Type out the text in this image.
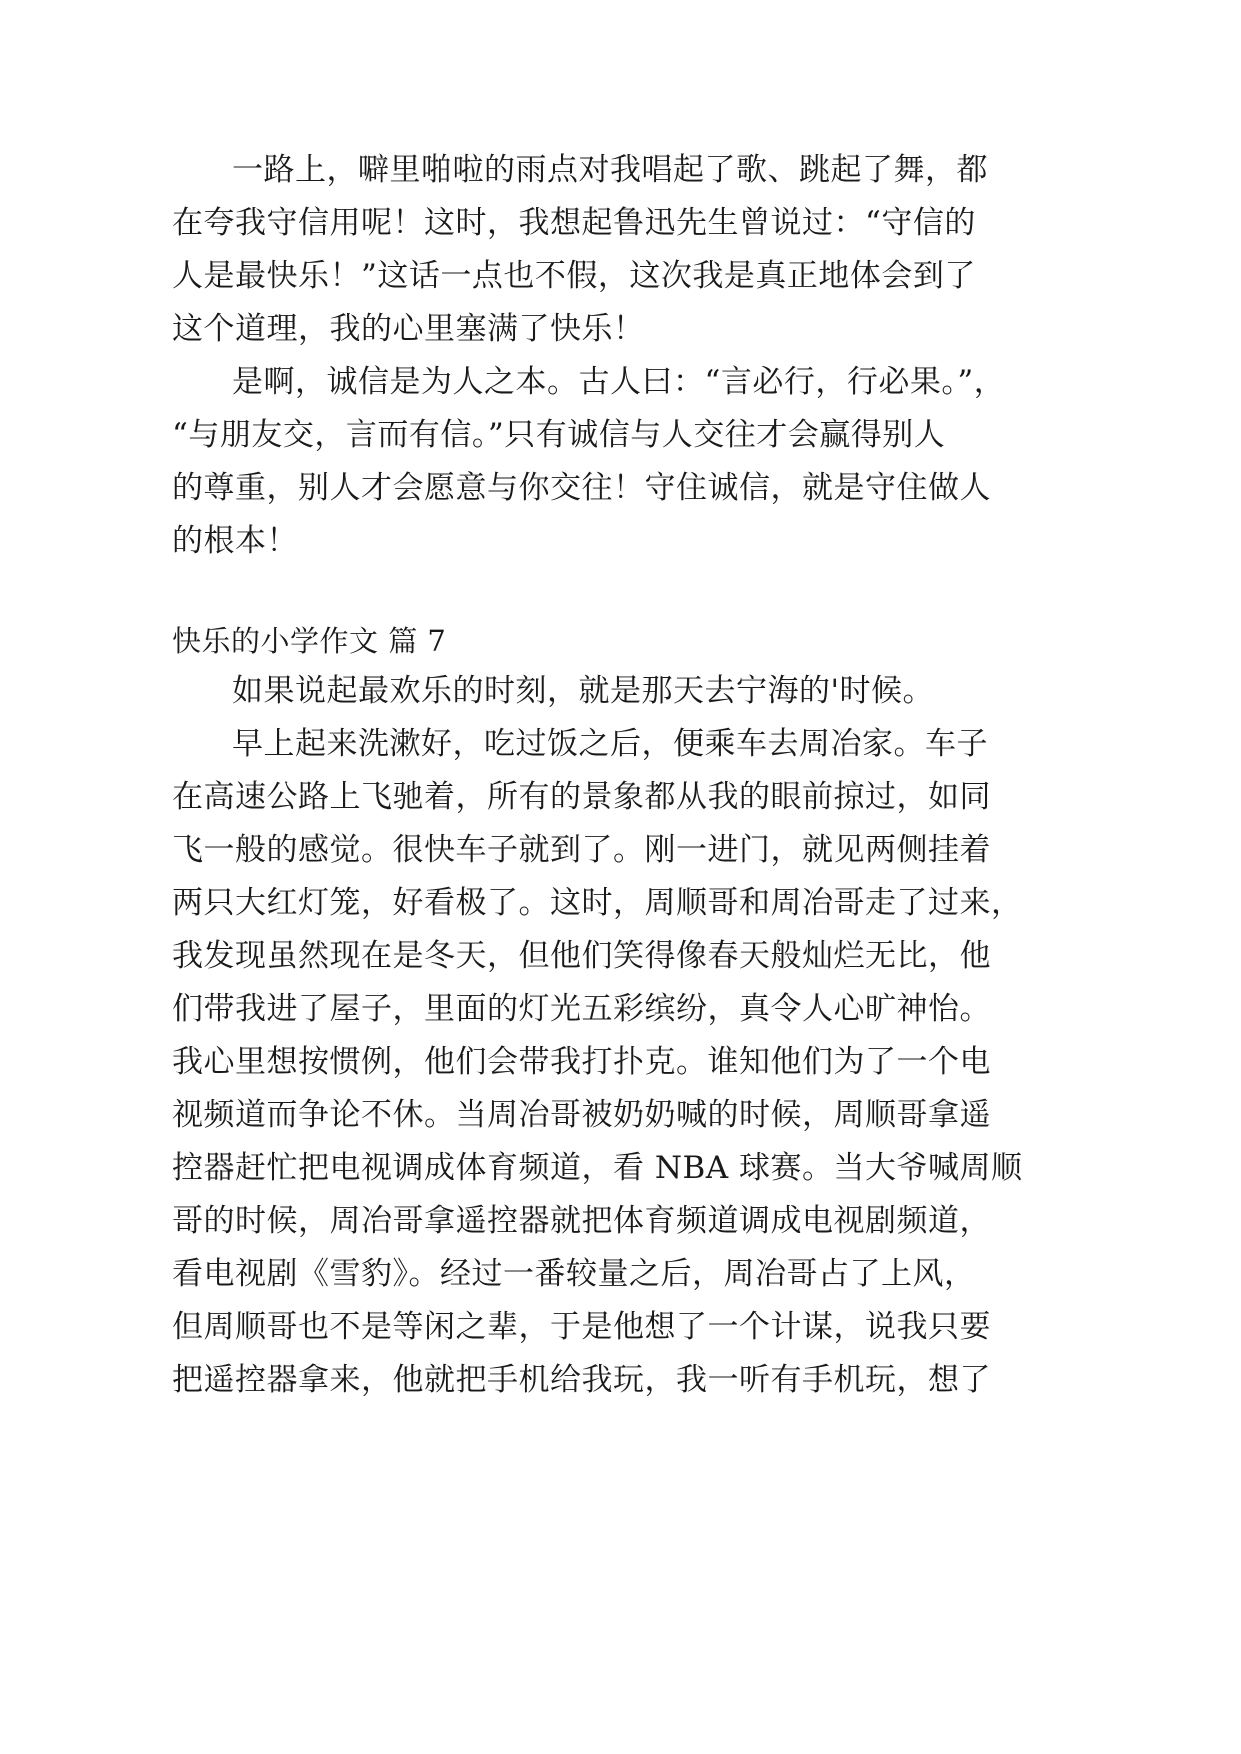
一路上，噼里啪啦的雨点对我唱起了歌、跳起了舞，都
在夸我守信用呢！这时，我想起鲁迅先生曾说过：“守信的
人是最快乐！”这话一点也不假，这次我是真正地体会到了
这个道理，我的心里塞满了快乐！
是啊，诚信是为人之本。古人曰：“言必行，行必果。”，
“与朋友交，言而有信。”只有诚信与人交往才会赢得别人
的尊重，别人才会愿意与你交往！守住诚信，就是守住做人
的根本！
快乐的小学作文 篇 7
如果说起最欢乐的时刻，就是那天去宁海的'时候。
早上起来洗漱好，吃过饭之后，便乘车去周冶家。车子
在高速公路上飞驰着，所有的景象都从我的眼前掠过，如同
飞一般的感觉。很快车子就到了。刚一进门，就见两侧挂着
两只大红灯笼，好看极了。这时，周顺哥和周冶哥走了过来，
我发现虽然现在是冬天，但他们笑得像春天般灿烂无比，他
们带我进了屋子，里面的灯光五彩缤纷，真令人心旷神怡。
我心里想按惯例，他们会带我打扑克。谁知他们为了一个电
视频道而争论不休。当周冶哥被奶奶喊的时候，周顺哥拿遥
控器赶忙把电视调成体育频道，看 NBA 球赛。当大爷喊周顺
哥的时候，周冶哥拿遥控器就把体育频道调成电视剧频道，
看电视剧《雪豹》。经过一番较量之后，周冶哥占了上风，
但周顺哥也不是等闲之辈，于是他想了一个计谋，说我只要
把遥控器拿来，他就把手机给我玩，我一听有手机玩，想了
